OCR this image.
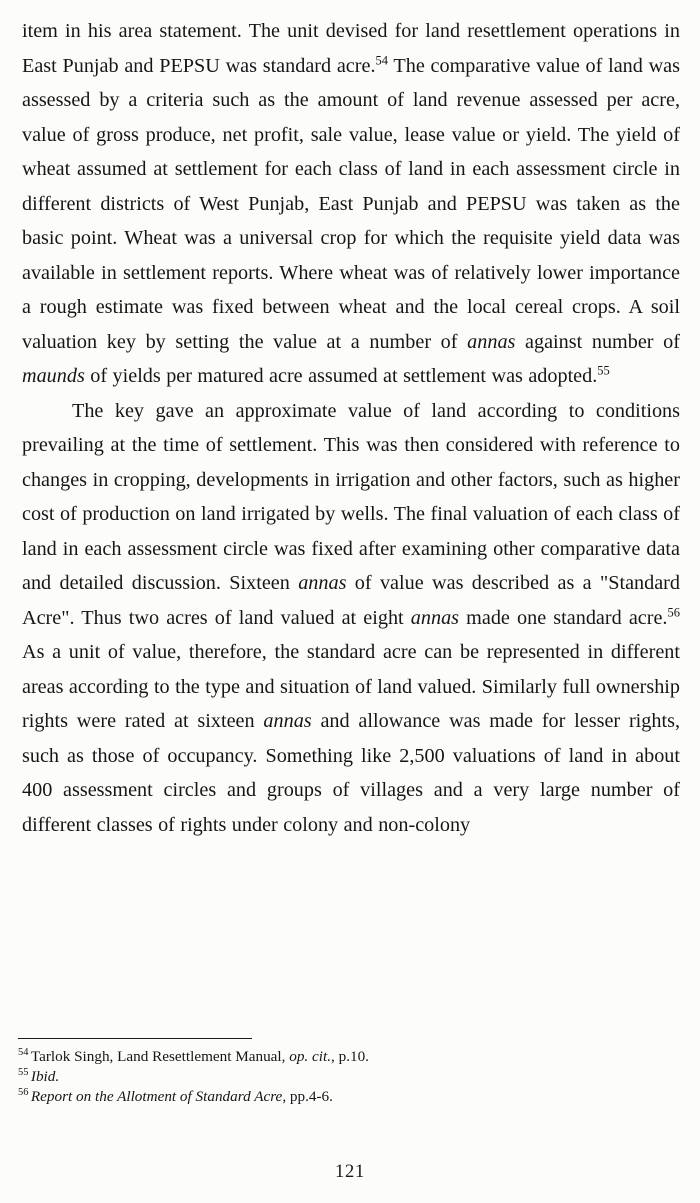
item in his area statement. The unit devised for land resettlement operations in East Punjab and PEPSU was standard acre.$^{54}$ The comparative value of land was assessed by a criteria such as the amount of land revenue assessed per acre, value of gross produce, net profit, sale value, lease value or yield. The yield of wheat assumed at settlement for each class of land in each assessment circle in different districts of West Punjab, East Punjab and PEPSU was taken as the basic point. Wheat was a universal crop for which the requisite yield data was available in settlement reports. Where wheat was of relatively lower importance a rough estimate was fixed between wheat and the local cereal crops. A soil valuation key by setting the value at a number of annas against number of maunds of yields per matured acre assumed at settlement was adopted.$^{55}$

The key gave an approximate value of land according to conditions prevailing at the time of settlement. This was then considered with reference to changes in cropping, developments in irrigation and other factors, such as higher cost of production on land irrigated by wells. The final valuation of each class of land in each assessment circle was fixed after examining other comparative data and detailed discussion. Sixteen annas of value was described as a "Standard Acre". Thus two acres of land valued at eight annas made one standard acre.$^{56}$ As a unit of value, therefore, the standard acre can be represented in different areas according to the type and situation of land valued. Similarly full ownership rights were rated at sixteen annas and allowance was made for lesser rights, such as those of occupancy. Something like 2,500 valuations of land in about 400 assessment circles and groups of villages and a very large number of different classes of rights under colony and non-colony

$^{54}$ Tarlok Singh, Land Resettlement Manual, op. cit., p.10.
$^{55}$ Ibid.
$^{56}$ Report on the Allotment of Standard Acre, pp.4-6.
121
